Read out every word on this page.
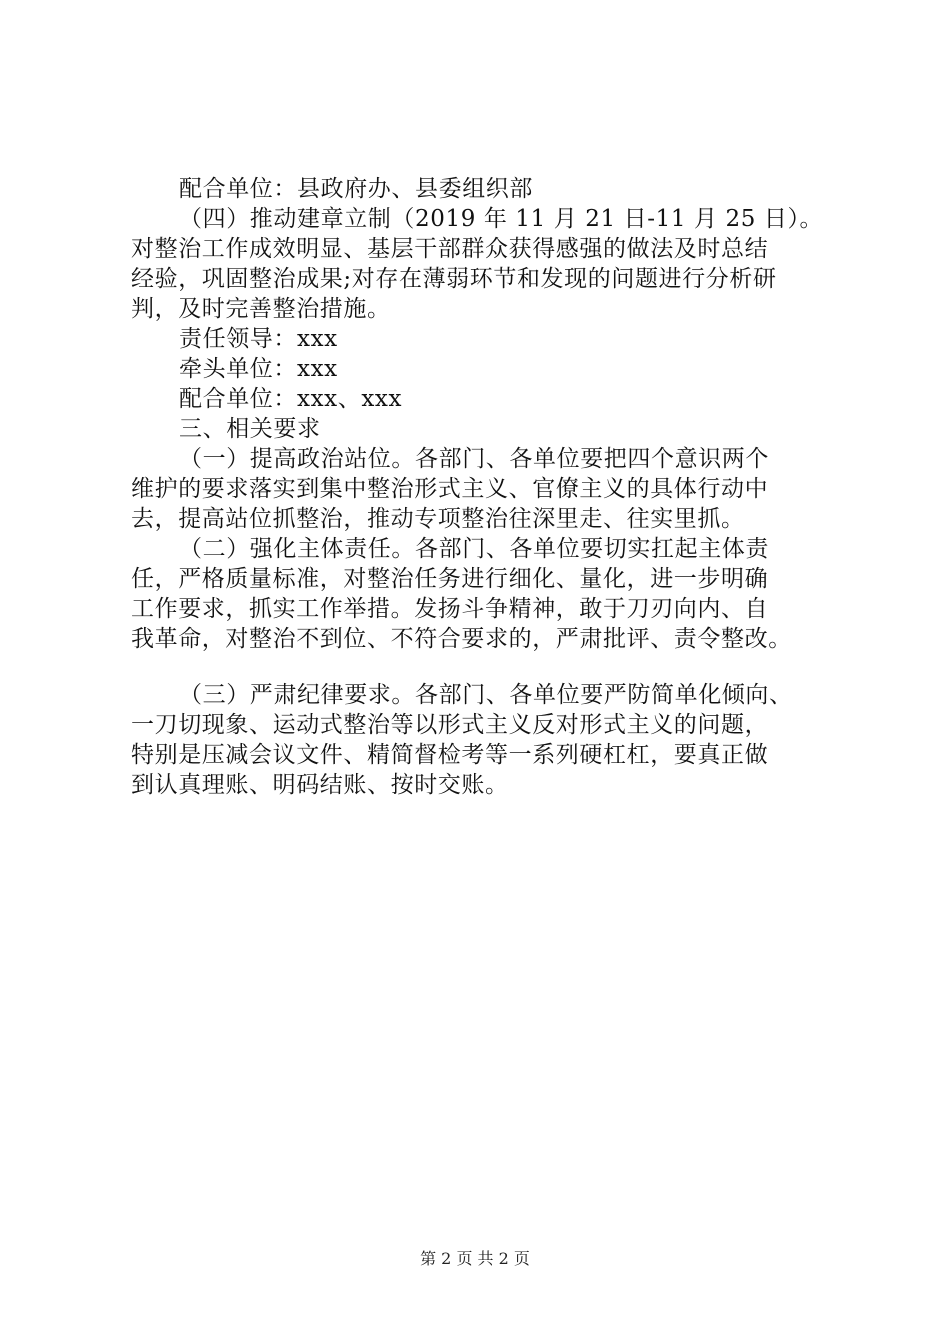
配合单位：县政府办、县委组织部
（四）推动建章立制（2019 年 11 月 21 日-11 月 25 日）。
对整治工作成效明显、基层干部群众获得感强的做法及时总结
经验，巩固整治成果;对存在薄弱环节和发现的问题进行分析研
判，及时完善整治措施。
责任领导：xxx
牵头单位：xxx
配合单位：xxx、xxx
三、相关要求
（一）提高政治站位。各部门、各单位要把四个意识两个
维护的要求落实到集中整治形式主义、官僚主义的具体行动中
去，提高站位抓整治，推动专项整治往深里走、往实里抓。
（二）强化主体责任。各部门、各单位要切实扛起主体责
任，严格质量标准，对整治任务进行细化、量化，进一步明确
工作要求，抓实工作举措。发扬斗争精神，敢于刀刃向内、自
我革命，对整治不到位、不符合要求的，严肃批评、责令整改。
（三）严肃纪律要求。各部门、各单位要严防简单化倾向、
一刀切现象、运动式整治等以形式主义反对形式主义的问题，
特别是压减会议文件、精简督检考等一系列硬杠杠，要真正做
到认真理账、明码结账、按时交账。
第 2 页 共 2 页
